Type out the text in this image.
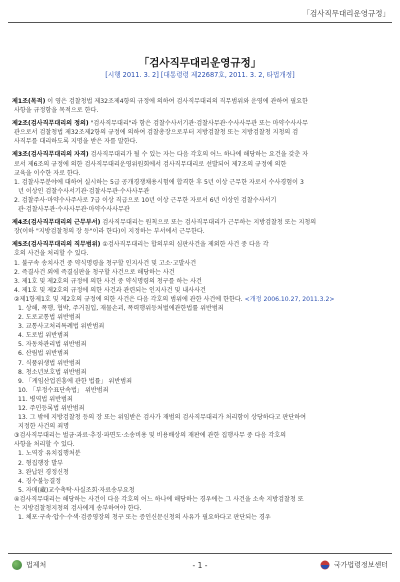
「검사직무대리운영규정」
「검사직무대리운영규정」
[시행 2011. 3. 2] [대통령령 제22687호, 2011. 3. 2, 타법개정]
제1조(목적) 이 영은 검찰청법 제32조제4항의 규정에 의하여 검사직무대리의 직무범위와 운영에 관하여 필요한
사항을 규정함을 목적으로 한다.
제2조(검사직무대리의 정의) "검사직무대리"라 함은 검찰수사서기관·검찰사무관·수사사무관 또는 마약수사사무
관으로서 검찰청법 제32조제2항의 규정에 의하여 검찰총장으로부터 지방검찰청 또는 지방검찰청 지청의 검
사직무를 대리하도록 지명을 받은 자를 말한다.
제3조(검사직무대리의 자격) 검사직무대리가 될 수 있는 자는 다음 각호의 어느 하나에 해당하는 요건을 갖춘 자
로서 제6조의 규정에 의한 검사직무대리운영위원회에서 검사직무대리로 선발되어 제7조의 규정에 의한
교육을 이수한 자로 한다.
1. 검찰사무분야에 대하여 실시하는 5급 공개경쟁채용시험에 합격한 후 5년 이상 근무한 자로서 수사경험이 3
년 이상인 검찰수사서기관·검찰사무관·수사사무관
2. 검찰주사·마약수사주사로 7급 이상 직급으로 10년 이상 근무한 자로서 6년 이상인 검찰수사서기
관·검찰사무관·수사사무관·마약수사사무관
제4조(검사직무대리의 근무부서) 검사직무대리는 원칙으로 또는 검사직무대리가 근무하는 지방검찰청 또는 지청의
장(이하 "지방검찰청의 장 등"이라 한다)이 지정하는 부서에서 근무한다.
제5조(검사직무대리의 직무범위) ①검사직무대리는 합의부의 심판사건을 제외한 사건 중 다음 각
호의 사건을 처리할 수 있다.
1. 불구속 송치사건 중 약식명령을 청구할 인지사건 및 고소·고발사건
2. 즉결사건 외에 즉결심판을 청구할 사건으로 해당하는 사건
3. 제1호 및 제2호의 규정에 의한 사건 중 약식명령의 청구를 하는 사건
4. 제1호 및 제2호의 규정에 의한 사건과 관련되는 인지사건 및 내사사건
②제1항제1호 및 제2호의 규정에 의한 사건은 다음 각호의 범위에 관한 사건에 한한다. <개정 2006.10.27, 2011.3.2>
1. 상해, 폭행, 협박, 주거침입, 재물손괴, 폭력행위등처벌에관한법률 위반범죄
2. 도로교통법 위반범죄
3. 교통사고처리특례법 위반범죄
4. 도로법 위반범죄
5. 자동차관리법 위반범죄
6. 산림법 위반범죄
7. 식품위생법 위반범죄
8. 청소년보호법 위반범죄
9. 「게임산업진흥에 관한 법률」 위반범죄
10. 「부정수표단속법」 위반범죄
11. 병역법 위반범죄
12. 주민등록법 위반범죄
13. 그 밖에 지방검찰청 등의 장 또는 위임받은 검사가 재범의 검사직무대리가 처리함이 상당하다고 판단하여
지정한 사건의 죄명
③검사직무대리는 벌금·과료·추징·파면도·소송비용 및 비용배상의 재판에 관한 집행사무 중 다음 각호의
사항을 처리할 수 있다.
1. 노역장 유치집행처분
2. 형집행장 발부
3. 완납된 경정신청
4. 징수불능결정
5. 자매(藏)교수축탁·사실조회·자료송부요청
④검사직무대리는 해당하는 사건이 다음 각호의 어느 하나에 해당하는 경우에는 그 사건을 소속 지방검찰청 또
는 지방검찰청지청의 검사에게 송부하여야 한다.
1. 체포·구속·압수·수색·검증영장의 청구 또는 증인신문신청의 사유가 필요하다고 판단되는 경우
법제처	- 1 -	국가법령정보센터
